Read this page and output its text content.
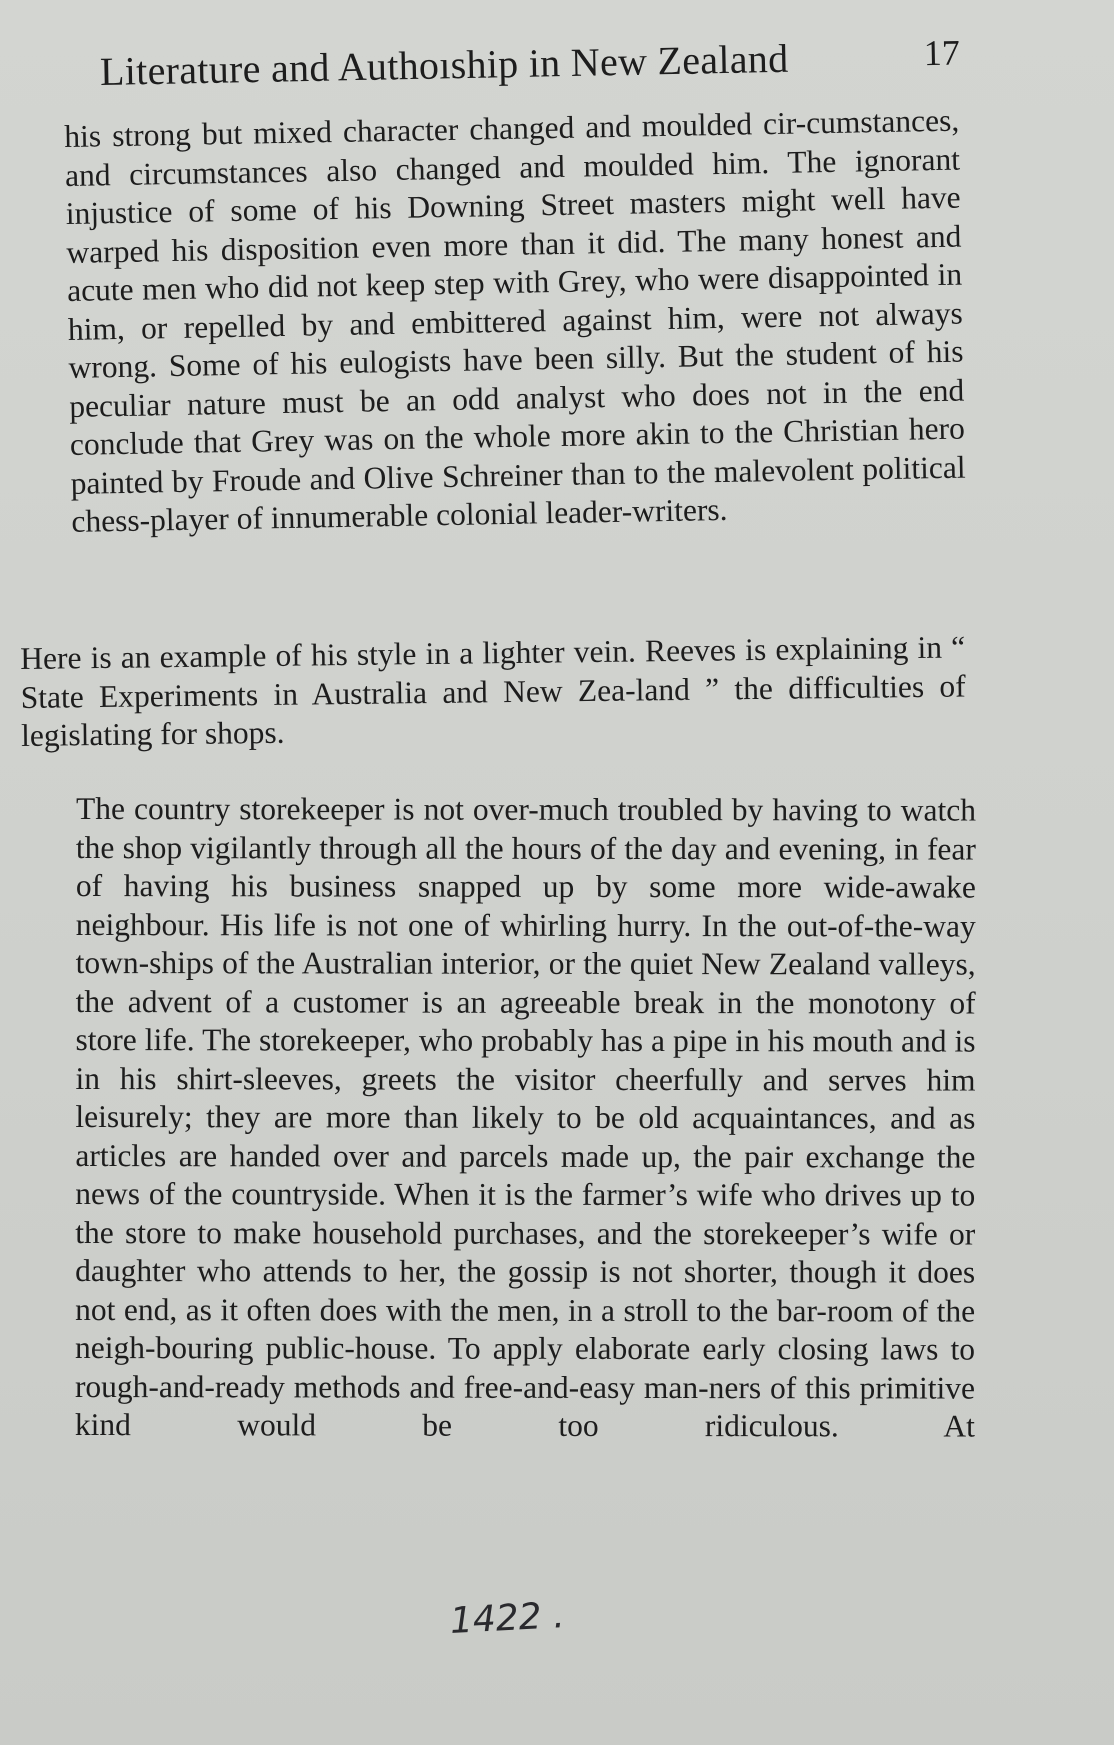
Literature and Authoıship in New Zealand	17

his strong but mixed character changed and moulded cir-cumstances, and circumstances also changed and moulded him. The ignorant injustice of some of his Downing Street masters might well have warped his disposition even more than it did. The many honest and acute men who did not keep step with Grey, who were disappointed in him, or repelled by and embittered against him, were not always wrong. Some of his eulogists have been silly. But the student of his peculiar nature must be an odd analyst who does not in the end conclude that Grey was on the whole more akin to the Christian hero painted by Froude and Olive Schreiner than to the malevolent political chess-player of innumerable colonial leader-writers.

Here is an example of his style in a lighter vein. Reeves is explaining in “ State Experiments in Australia and New Zea-land ” the difficulties of legislating for shops.

The country storekeeper is not over-much troubled by having to watch the shop vigilantly through all the hours of the day and evening, in fear of having his business snapped up by some more wide-awake neighbour. His life is not one of whirling hurry. In the out-of-the-way town-ships of the Australian interior, or the quiet New Zealand valleys, the advent of a customer is an agreeable break in the monotony of store life. The storekeeper, who probably has a pipe in his mouth and is in his shirt-sleeves, greets the visitor cheerfully and serves him leisurely; they are more than likely to be old acquaintances, and as articles are handed over and parcels made up, the pair exchange the news of the countryside. When it is the farmer’s wife who drives up to the store to make household purchases, and the storekeeper’s wife or daughter who attends to her, the gossip is not shorter, though it does not end, as it often does with the men, in a stroll to the bar-room of the neigh-bouring public-house. To apply elaborate early closing laws to rough-and-ready methods and free-and-easy man-ners of this primitive kind would be too ridiculous. At

1422 .
